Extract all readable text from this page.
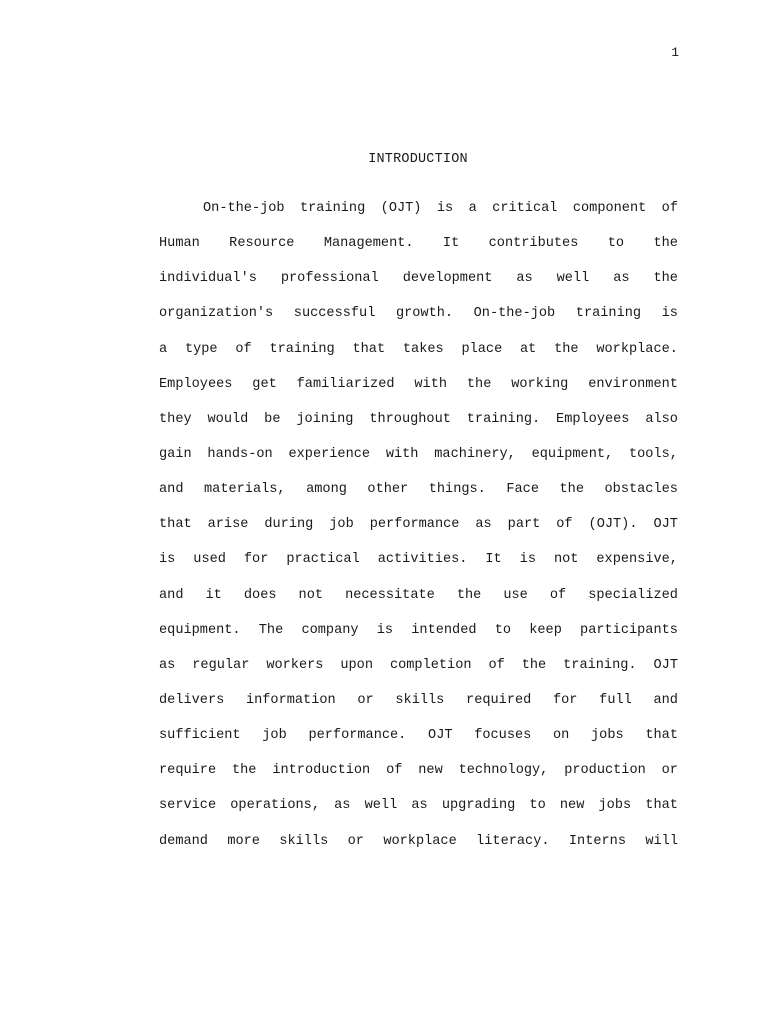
1
INTRODUCTION
On-the-job training (OJT) is a critical component of
Human Resource Management. It contributes to the
individual's professional development as well as the
organization's successful growth. On-the-job training is
a type of training that takes place at the workplace.
Employees get familiarized with the working environment
they would be joining throughout training. Employees also
gain hands-on experience with machinery, equipment, tools,
and materials, among other things. Face the obstacles
that arise during job performance as part of (OJT). OJT
is used for practical activities. It is not expensive,
and it does not necessitate the use of specialized
equipment. The company is intended to keep participants
as regular workers upon completion of the training. OJT
delivers information or skills required for full and
sufficient job performance. OJT focuses on jobs that
require the introduction of new technology, production or
service operations, as well as upgrading to new jobs that
demand more skills or workplace literacy. Interns will
